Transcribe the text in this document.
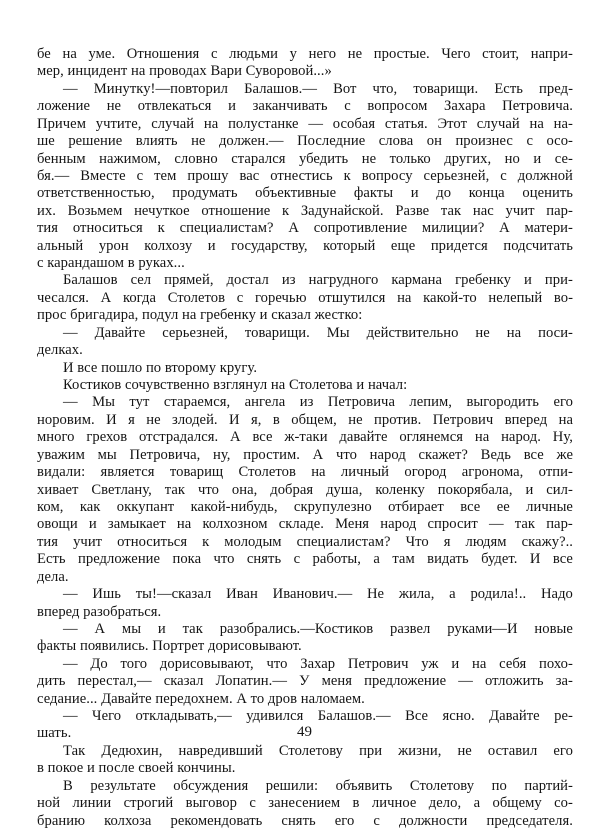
бе на уме. Отношения с людьми у него не простые. Чего стоит, напри-
мер, инцидент на проводах Вари Суворовой...»
— Минутку!—повторил Балашов.— Вот что, товарищи. Есть пред-
ложение не отвлекаться и заканчивать с вопросом Захара Петровича.
Причем учтите, случай на полустанке — особая статья. Этот случай на на-
ше решение влиять не должен.— Последние слова он произнес с осо-
бенным нажимом, словно старался убедить не только других, но и се-
бя.— Вместе с тем прошу вас отнестись к вопросу серьезней, с должной
ответственностью, продумать объективные факты и до конца оценить
их. Возьмем нечуткое отношение к Задунайской. Разве так нас учит пар-
тия относиться к специалистам? А сопротивление милиции? А матери-
альный урон колхозу и государству, который еще придется подсчитать
с карандашом в руках...
Балашов сел прямей, достал из нагрудного кармана гребенку и при-
чесался. А когда Столетов с горечью отшутился на какой-то нелепый во-
прос бригадира, подул на гребенку и сказал жестко:
— Давайте серьезней, товарищи. Мы действительно не на поси-
делках.
И все пошло по второму кругу.
Костиков сочувственно взглянул на Столетова и начал:
— Мы тут стараемся, ангела из Петровича лепим, выгородить его
норовим. И я не злодей. И я, в общем, не против. Петрович вперед на
много грехов отстрадался. А все ж-таки давайте оглянемся на народ. Ну,
уважим мы Петровича, ну, простим. А что народ скажет? Ведь все же
видали: является товарищ Столетов на личный огород агронома, отпи-
хивает Светлану, так что она, добрая душа, коленку покорябала, и сил-
ком, как оккупант какой-нибудь, скрупулезно отбирает все ее личные
овощи и замыкает на колхозном складе. Меня народ спросит — так пар-
тия учит относиться к молодым специалистам? Что я людям скажу?..
Есть предложение пока что снять с работы, а там видать будет. И все
дела.
— Ишь ты!—сказал Иван Иванович.— Не жила, а родила!.. Надо
вперед разобраться.
— А мы и так разобрались.—Костиков развел руками—И новые
факты появились. Портрет дорисовывают.
— До того дорисовывают, что Захар Петрович уж и на себя похо-
дить перестал,— сказал Лопатин.— У меня предложение — отложить за-
седание... Давайте передохнем. А то дров наломаем.
— Чего откладывать,— удивился Балашов.— Все ясно. Давайте ре-
шать.
Так Дедюхин, навредивший Столетову при жизни, не оставил его
в покое и после своей кончины.
В результате обсуждения решили: объявить Столетову по партий-
ной линии строгий выговор с занесением в личное дело, а общему со-
бранию колхоза рекомендовать снять его с должности председателя.
49
